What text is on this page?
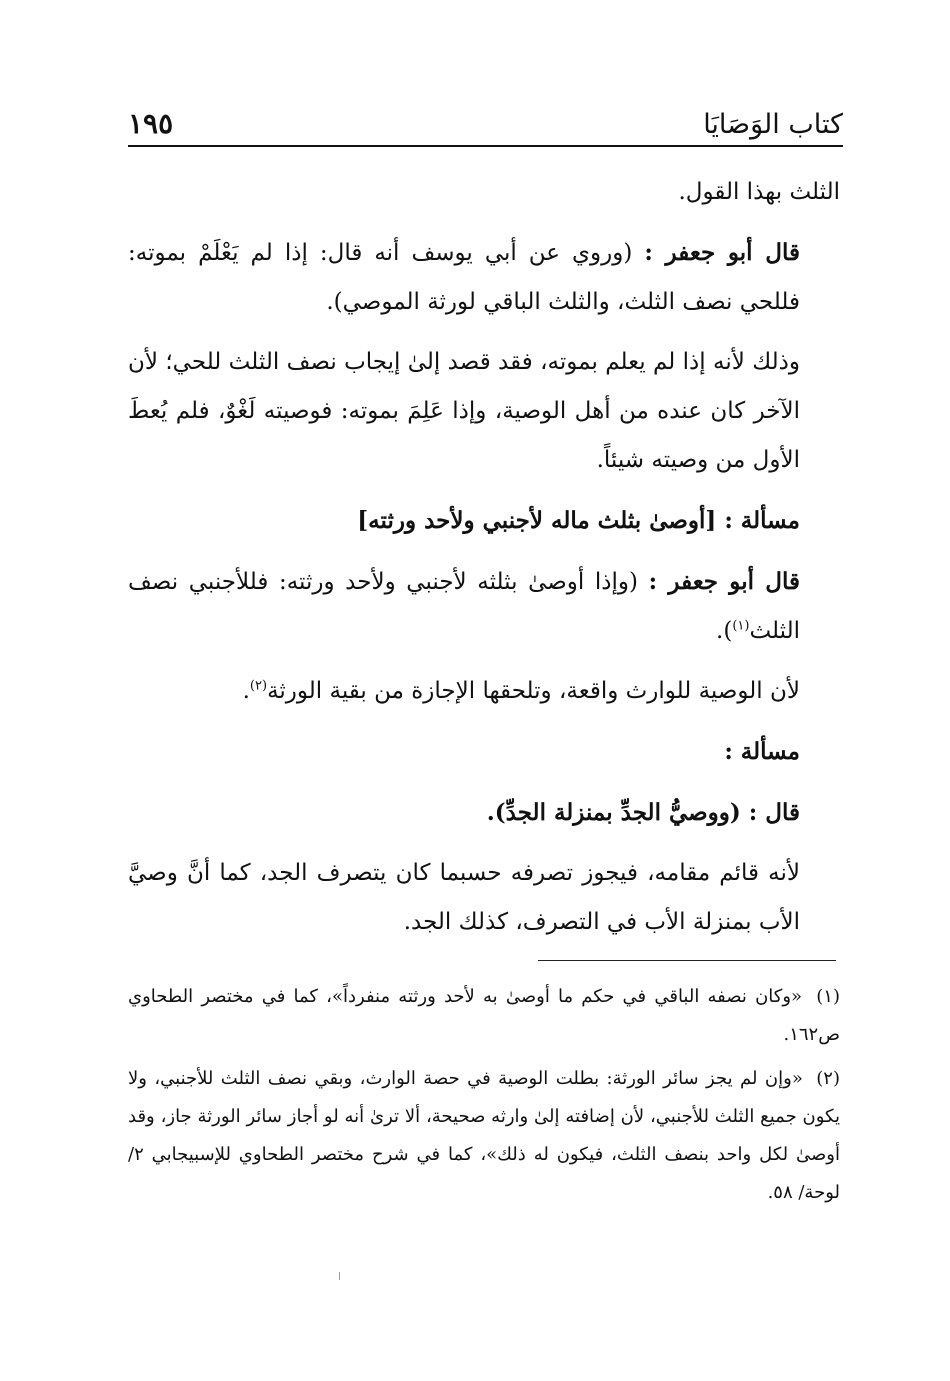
كتاب الوَصَايَا
١٩٥

الثلث بهذا القول.

قال أبو جعفر : (وروي عن أبي يوسف أنه قال: إذا لم يَعْلَمْ بموته: فللحي نصف الثلث، والثلث الباقي لورثة الموصي).

وذلك لأنه إذا لم يعلم بموته، فقد قصد إلىٰ إيجاب نصف الثلث للحي؛ لأن الآخر كان عنده من أهل الوصية، وإذا عَلِمَ بموته: فوصيته لَغْوٌ، فلم يُعطَ الأول من وصيته شيئاً.

مسألة : [أوصىٰ بثلث ماله لأجنبي ولأحد ورثته]

قال أبو جعفر : (وإذا أوصىٰ بثلثه لأجنبي ولأحد ورثته: فللأجنبي نصف الثلث$^{(١)}$).

لأن الوصية للوارث واقعة، وتلحقها الإجازة من بقية الورثة$^{(٢)}$.

مسألة :

قال : (ووصيُّ الجدِّ بمنزلة الجدِّ).

لأنه قائم مقامه، فيجوز تصرفه حسبما كان يتصرف الجد، كما أنَّ وصيَّ الأب بمنزلة الأب في التصرف، كذلك الجد.

(١) «وكان نصفه الباقي في حكم ما أوصىٰ به لأحد ورثته منفرداً»، كما في مختصر الطحاوي ص١٦٢.

(٢) «وإن لم يجز سائر الورثة: بطلت الوصية في حصة الوارث، وبقي نصف الثلث للأجنبي، ولا يكون جميع الثلث للأجنبي، لأن إضافته إلىٰ وارثه صحيحة، ألا ترىٰ أنه لو أجاز سائر الورثة جاز، وقد أوصىٰ لكل واحد بنصف الثلث، فيكون له ذلك»، كما في شرح مختصر الطحاوي للإسبيجابي ٢/ لوحة/ ٥٨.
